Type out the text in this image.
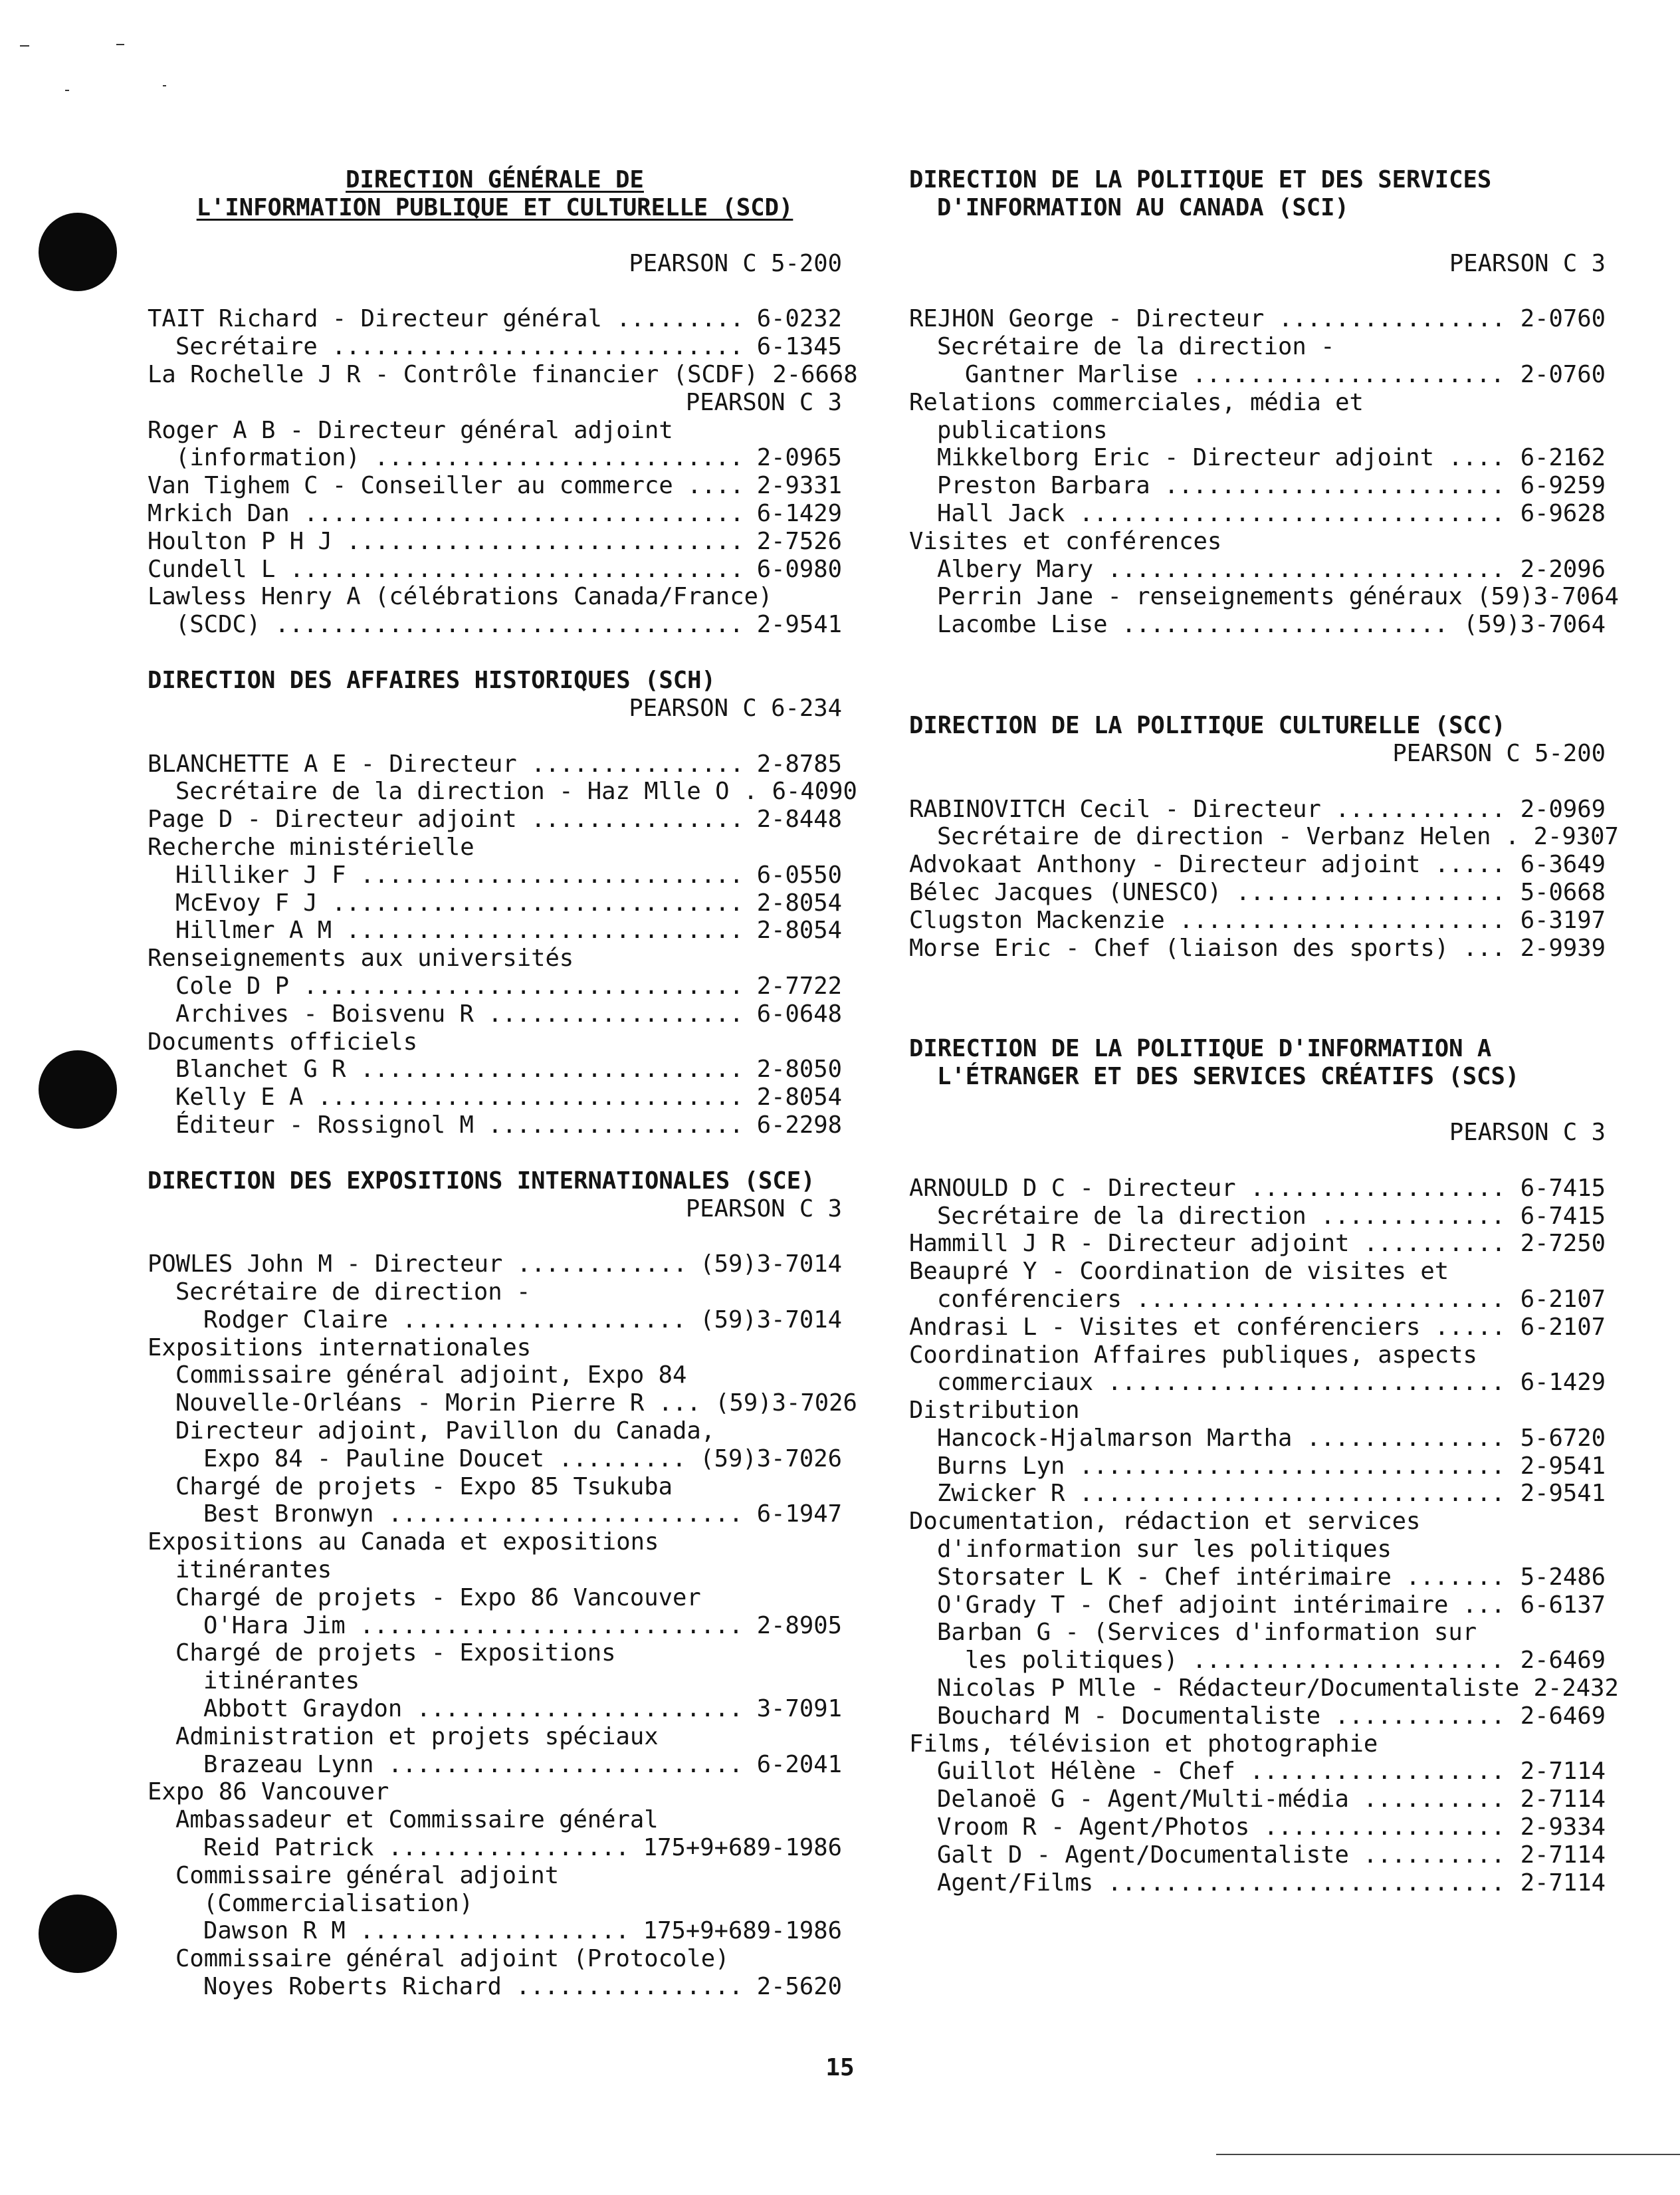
DIRECTION GÉNÉRALE DE
L'INFORMATION PUBLIQUE ET CULTURELLE (SCD)
PEARSON C 5-200
TAIT Richard - Directeur général .....	6-0232
Secrétaire .....	6-1345
La Rochelle J R - Contrôle financier (SCDF) 2-6668
PEARSON C 3
Roger A B - Directeur général adjoint
(information) .....	2-0965
Van Tighem C - Conseiller au commerce ..... 2-9331
Mrkich Dan .....	6-1429
Houlton P H J .....	2-7526
Cundell L .....	6-0980
Lawless Henry A (célébrations Canada/France)
(SCDC) .....	2-9541
DIRECTION DES AFFAIRES HISTORIQUES (SCH)
PEARSON C 6-234
BLANCHETTE A E - Directeur .....	2-8785
Secrétaire de la direction - Haz Mlle O . 6-4090
Page D - Directeur adjoint .....	2-8448
Recherche ministérielle
Hilliker J F .....	6-0550
McEvoy F J .....	2-8054
Hillmer A M .....	2-8054
Renseignements aux universités
Cole D P .....	2-7722
Archives - Boisvenu R .....	6-0648
Documents officiels
Blanchet G R .....	2-8050
Kelly E A .....	2-8054
Éditeur - Rossignol M .....	6-2298
DIRECTION DES EXPOSITIONS INTERNATIONALES (SCE)
PEARSON C 3
POWLES John M - Directeur .....	(59)3-7014
Secrétaire de direction -
Rodger Claire .....	(59)3-7014
Expositions internationales
Commissaire général adjoint, Expo 84
Nouvelle-Orléans - Morin Pierre R ... (59)3-7026
Directeur adjoint, Pavillon du Canada,
Expo 84 - Pauline Doucet .....	(59)3-7026
Chargé de projets - Expo 85 Tsukuba
Best Bronwyn .....	6-1947
Expositions au Canada et expositions
itinérantes
Chargé de projets - Expo 86 Vancouver
O'Hara Jim .....	2-8905
Chargé de projets - Expositions
itinérantes
Abbott Graydon .....	3-7091
Administration et projets spéciaux
Brazeau Lynn .....	6-2041
Expo 86 Vancouver
Ambassadeur et Commissaire général
Reid Patrick .....	175+9+689-1986
Commissaire général adjoint
(Commercialisation)
Dawson R M .....	175+9+689-1986
Commissaire général adjoint (Protocole)
Noyes Roberts Richard .....	2-5620
DIRECTION DE LA POLITIQUE ET DES SERVICES
D'INFORMATION AU CANADA (SCI)
PEARSON C 3
REJHON George - Directeur .....	2-0760
Secrétaire de la direction -
Gantner Marlise .....	2-0760
Relations commerciales, média et
publications
Mikkelborg Eric - Directeur adjoint ..... 6-2162
Preston Barbara .....	6-9259
Hall Jack .....	6-9628
Visites et conférences
Albery Mary .....	2-2096
Perrin Jane - renseignements généraux (59)3-7064
Lacombe Lise .....	(59)3-7064
DIRECTION DE LA POLITIQUE CULTURELLE (SCC)
PEARSON C 5-200
RABINOVITCH Cecil - Directeur .....	2-0969
Secrétaire de direction - Verbanz Helen . 2-9307
Advokaat Anthony - Directeur adjoint .....	6-3649
Bélec Jacques (UNESCO) .....	5-0668
Clugston Mackenzie .....	6-3197
Morse Eric - Chef (liaison des sports) ..... 2-9939
DIRECTION DE LA POLITIQUE D'INFORMATION A
L'ÉTRANGER ET DES SERVICES CRÉATIFS (SCS)
PEARSON C 3
ARNOULD D C - Directeur .....	6-7415
Secrétaire de la direction .....	6-7415
Hammill J R - Directeur adjoint .....	2-7250
Beaupré Y - Coordination de visites et
conférenciers .....	6-2107
Andrasi L - Visites et conférenciers .....	6-2107
Coordination Affaires publiques, aspects
commerciaux .....	6-1429
Distribution
Hancock-Hjalmarson Martha .....	5-6720
Burns Lyn .....	2-9541
Zwicker R .....	2-9541
Documentation, rédaction et services
d'information sur les politiques
Storsater L K - Chef intérimaire .....	5-2486
O'Grady T - Chef adjoint intérimaire ..... 6-6137
Barban G - (Services d'information sur
les politiques) .....	2-6469
Nicolas P Mlle - Rédacteur/Documentaliste 2-2432
Bouchard M - Documentaliste .....	2-6469
Films, télévision et photographie
Guillot Hélène - Chef .....	2-7114
Delanoë G - Agent/Multi-média .....	2-7114
Vroom R - Agent/Photos .....	2-9334
Galt D - Agent/Documentaliste .....	2-7114
Agent/Films .....	2-7114
15
